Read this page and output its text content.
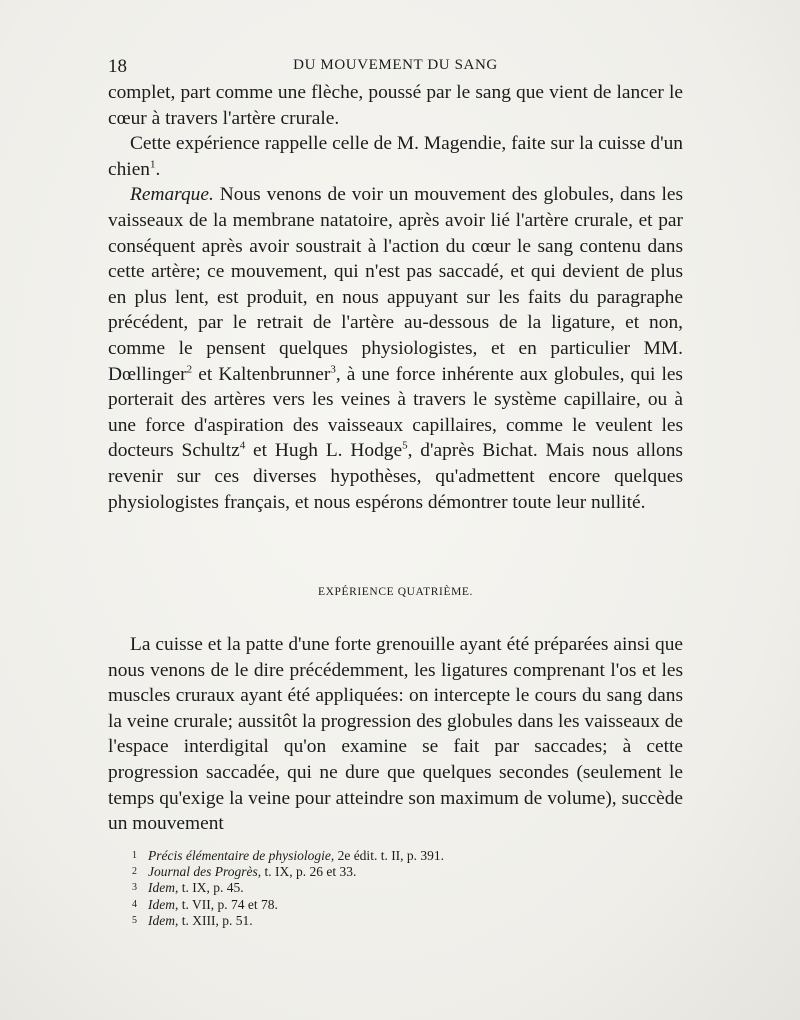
18	DU MOUVEMENT DU SANG

complet, part comme une flèche, poussé par le sang que vient de lancer le cœur à travers l'artère crurale.

Cette expérience rappelle celle de M. Magendie, faite sur la cuisse d'un chien$^1$.

Remarque. Nous venons de voir un mouvement des globules, dans les vaisseaux de la membrane natatoire, après avoir lié l'artère crurale, et par conséquent après avoir soustrait à l'action du cœur le sang contenu dans cette artère; ce mouvement, qui n'est pas saccadé, et qui devient de plus en plus lent, est produit, en nous appuyant sur les faits du paragraphe précédent, par le retrait de l'artère au-dessous de la ligature, et non, comme le pensent quelques physiologistes, et en particulier MM. Dœllinger$^2$ et Kaltenbrunner$^3$, à une force inhérente aux globules, qui les porterait des artères vers les veines à travers le système capillaire, ou à une force d'aspiration des vaisseaux capillaires, comme le veulent les docteurs Schultz$^4$ et Hugh L. Hodge$^5$, d'après Bichat. Mais nous allons revenir sur ces diverses hypothèses, qu'admettent encore quelques physiologistes français, et nous espérons démontrer toute leur nullité.

EXPÉRIENCE QUATRIÈME.

La cuisse et la patte d'une forte grenouille ayant été préparées ainsi que nous venons de le dire précédemment, les ligatures comprenant l'os et les muscles cruraux ayant été appliquées: on intercepte le cours du sang dans la veine crurale; aussitôt la progression des globules dans les vaisseaux de l'espace interdigital qu'on examine se fait par saccades; à cette progression saccadée, qui ne dure que quelques secondes (seulement le temps qu'exige la veine pour atteindre son maximum de volume), succède un mouvement

1 Précis élémentaire de physiologie, 2e édit. t. II, p. 391.
2 Journal des Progrès, t. IX, p. 26 et 33.
3 Idem, t. IX, p. 45.
4 Idem, t. VII, p. 74 et 78.
5 Idem, t. XIII, p. 51.
